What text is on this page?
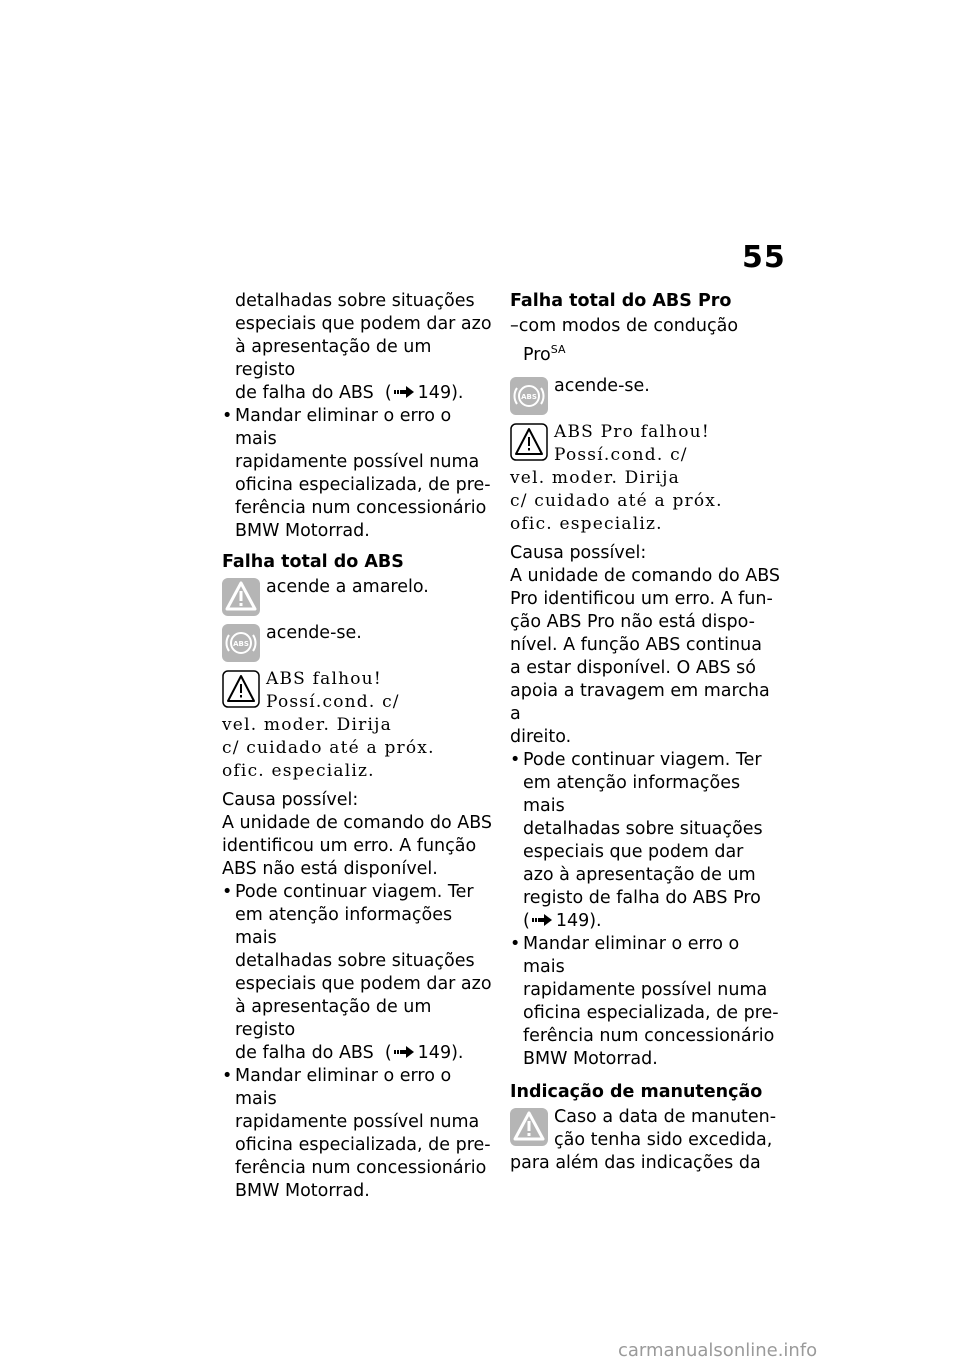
55
detalhadas sobre situações
especiais que podem dar azo
à apresentação de um registo
de falha do ABS  ( 149).
• Mandar eliminar o erro o mais
rapidamente possível numa
oficina especializada, de pre-
ferência num concessionário
BMW Motorrad.
Falha total do ABS
acende a amarelo.
ABS
acende-se.
ABS falhou!
Possí.cond. c/
vel. moder. Dirija
c/ cuidado até a próx.
ofic. especializ.
Causa possível:
A unidade de comando do ABS
identificou um erro. A função
ABS não está disponível.
• Pode continuar viagem. Ter
em atenção informações mais
detalhadas sobre situações
especiais que podem dar azo
à apresentação de um registo
de falha do ABS  ( 149).
• Mandar eliminar o erro o mais
rapidamente possível numa
oficina especializada, de pre-
ferência num concessionário
BMW Motorrad.
Falha total do ABS Pro
–com modos de condução
Pro$^{SA}$
ABS
acende-se.
ABS Pro falhou!
Possí.cond. c/
vel. moder. Dirija
c/ cuidado até a próx.
ofic. especializ.
Causa possível:
A unidade de comando do ABS
Pro identificou um erro. A fun-
ção ABS Pro não está dispo-
nível. A função ABS continua
a estar disponível. O ABS só
apoia a travagem em marcha a
direito.
• Pode continuar viagem. Ter
em atenção informações mais
detalhadas sobre situações
especiais que podem dar
azo à apresentação de um
registo de falha do ABS Pro
( 149).
• Mandar eliminar o erro o mais
rapidamente possível numa
oficina especializada, de pre-
ferência num concessionário
BMW Motorrad.
Indicação de manutenção
Caso a data de manuten-
ção tenha sido excedida,
para além das indicações da
carmanualsonline.info
